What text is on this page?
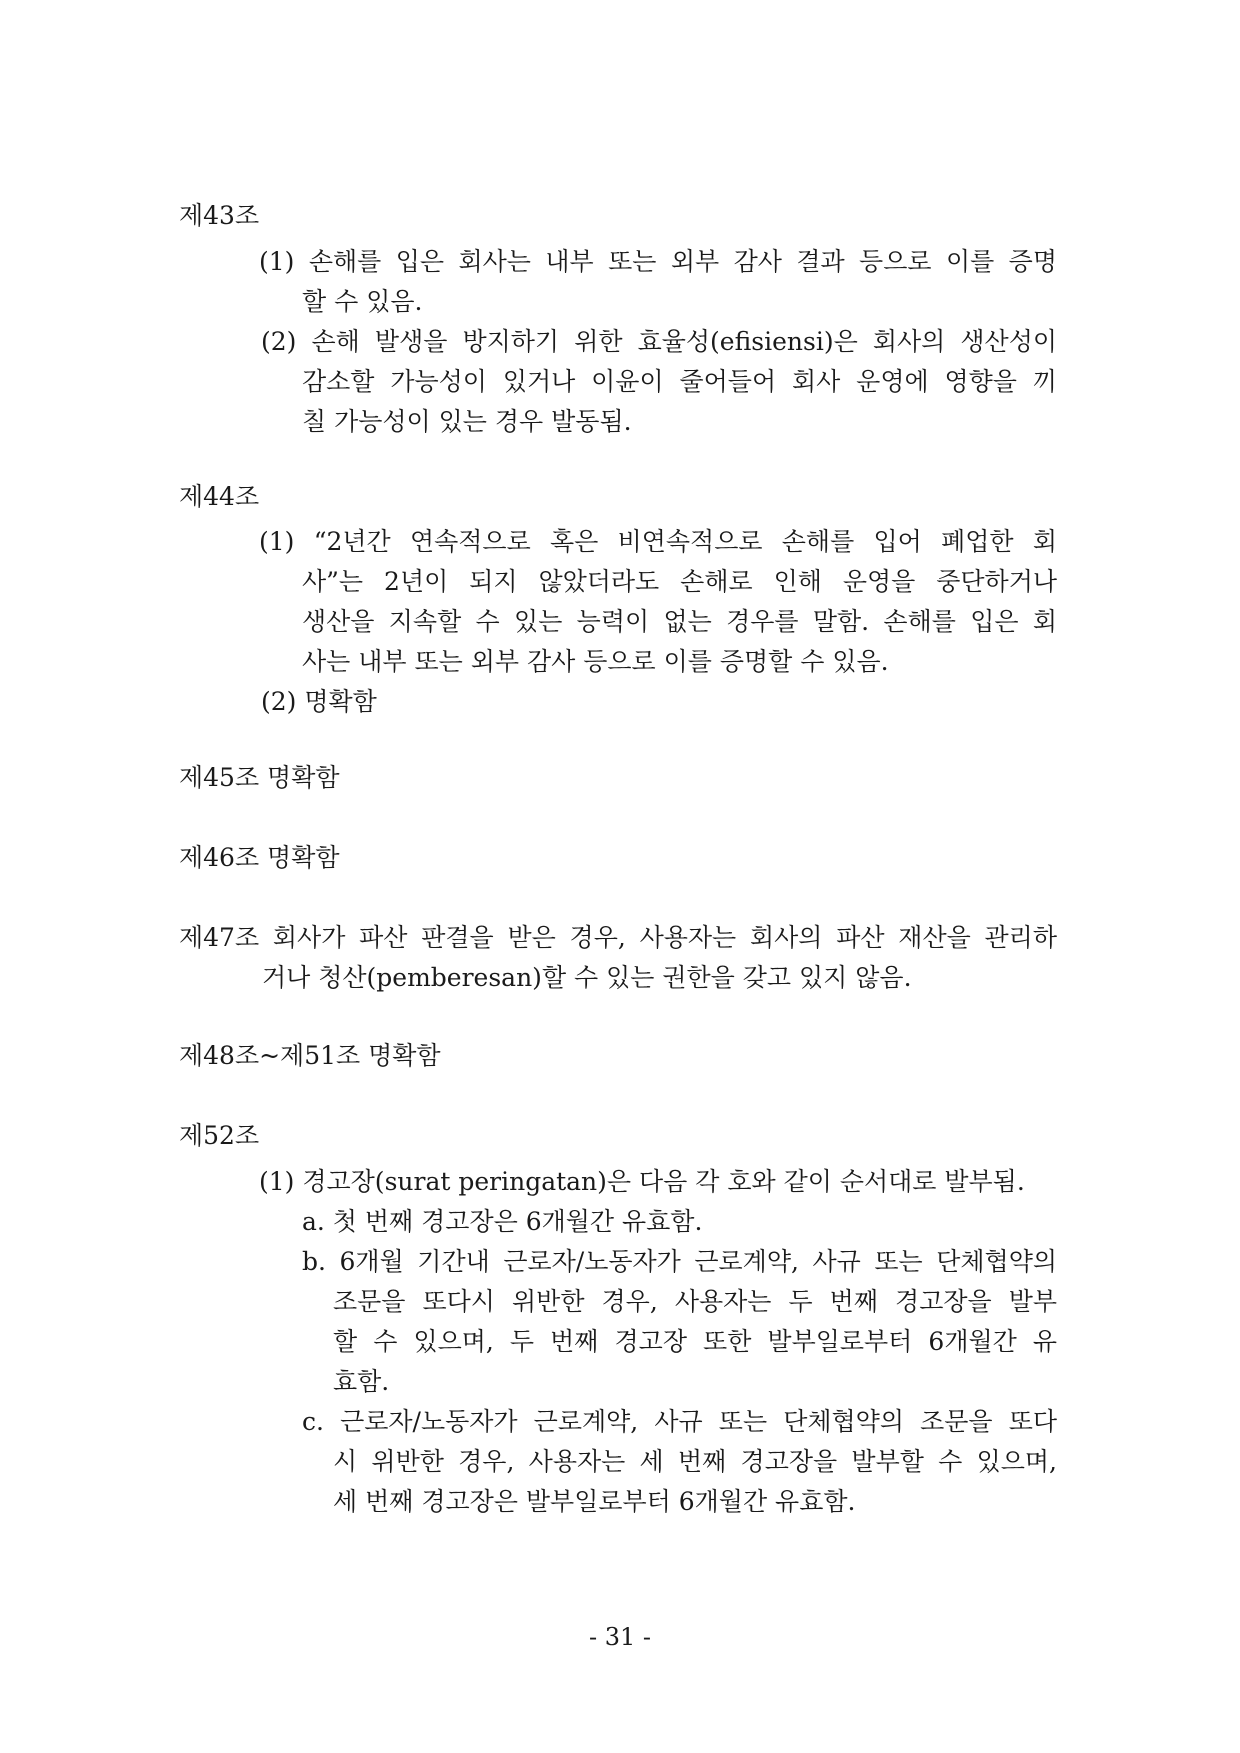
제43조

(1) 손해를 입은 회사는 내부 또는 외부 감사 결과 등으로 이를 증명

할 수 있음.

(2) 손해 발생을 방지하기 위한 효율성(efisiensi)은 회사의 생산성이

감소할 가능성이 있거나 이윤이 줄어들어 회사 운영에 영향을 끼

칠 가능성이 있는 경우 발동됨.

제44조

(1) “2년간 연속적으로 혹은 비연속적으로 손해를 입어 폐업한 회

사”는 2년이 되지 않았더라도 손해로 인해 운영을 중단하거나

생산을 지속할 수 있는 능력이 없는 경우를 말함. 손해를 입은 회

사는 내부 또는 외부 감사 등으로 이를 증명할 수 있음.

(2) 명확함

제45조 명확함

제46조 명확함

제47조 회사가 파산 판결을 받은 경우, 사용자는 회사의 파산 재산을 관리하

거나 청산(pemberesan)할 수 있는 권한을 갖고 있지 않음.

제48조~제51조 명확함

제52조

(1) 경고장(surat peringatan)은 다음 각 호와 같이 순서대로 발부됨.

a. 첫 번째 경고장은 6개월간 유효함.

b. 6개월 기간내 근로자/노동자가 근로계약, 사규 또는 단체협약의

조문을 또다시 위반한 경우, 사용자는 두 번째 경고장을 발부

할 수 있으며, 두 번째 경고장 또한 발부일로부터 6개월간 유

효함.

c. 근로자/노동자가 근로계약, 사규 또는 단체협약의 조문을 또다

시 위반한 경우, 사용자는 세 번째 경고장을 발부할 수 있으며,

세 번째 경고장은 발부일로부터 6개월간 유효함.

- 31 -
